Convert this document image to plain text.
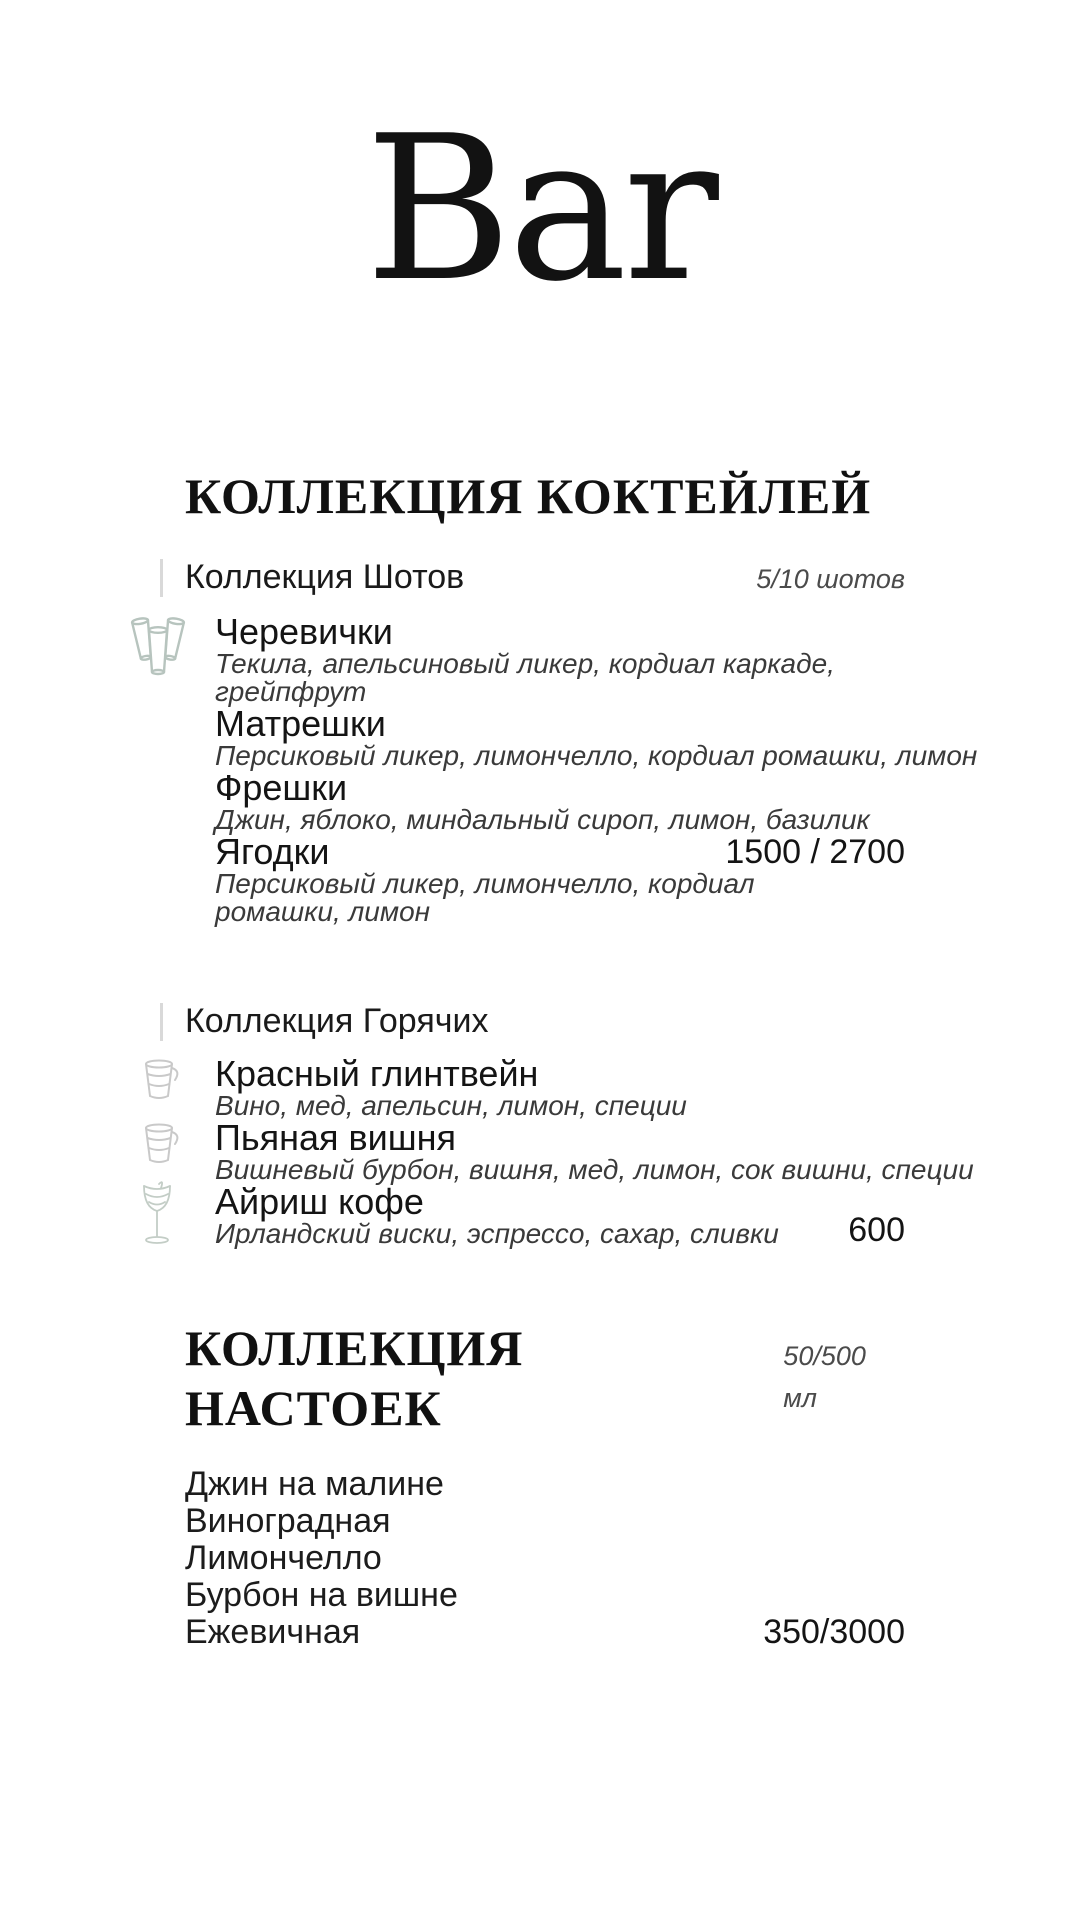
Bar
КОЛЛЕКЦИЯ КОКТЕЙЛЕЙ
Коллекция Шотов	5/10 шотов
Черевички
Текила, апельсиновый ликер, кордиал каркаде,
грейпфрут
Матрешки
Персиковый ликер, лимончелло, кордиал ромашки, лимон
Фрешки
Джин, яблоко, миндальный сироп, лимон, базилик
Ягодки	1500 / 2700
Персиковый ликер, лимончелло, кордиал
ромашки, лимон
Коллекция Горячих
Красный глинтвейн
Вино, мед, апельсин, лимон, специи
Пьяная вишня
Вишневый бурбон, вишня, мед, лимон, сок вишни, специи
Айриш кофе
600
Ирландский виски, эспрессо, сахар, сливки
КОЛЛЕКЦИЯ НАСТОЕК
50/500 мл
Джин на малине
Виноградная
Лимончелло
Бурбон на вишне
Ежевичная	350/3000
